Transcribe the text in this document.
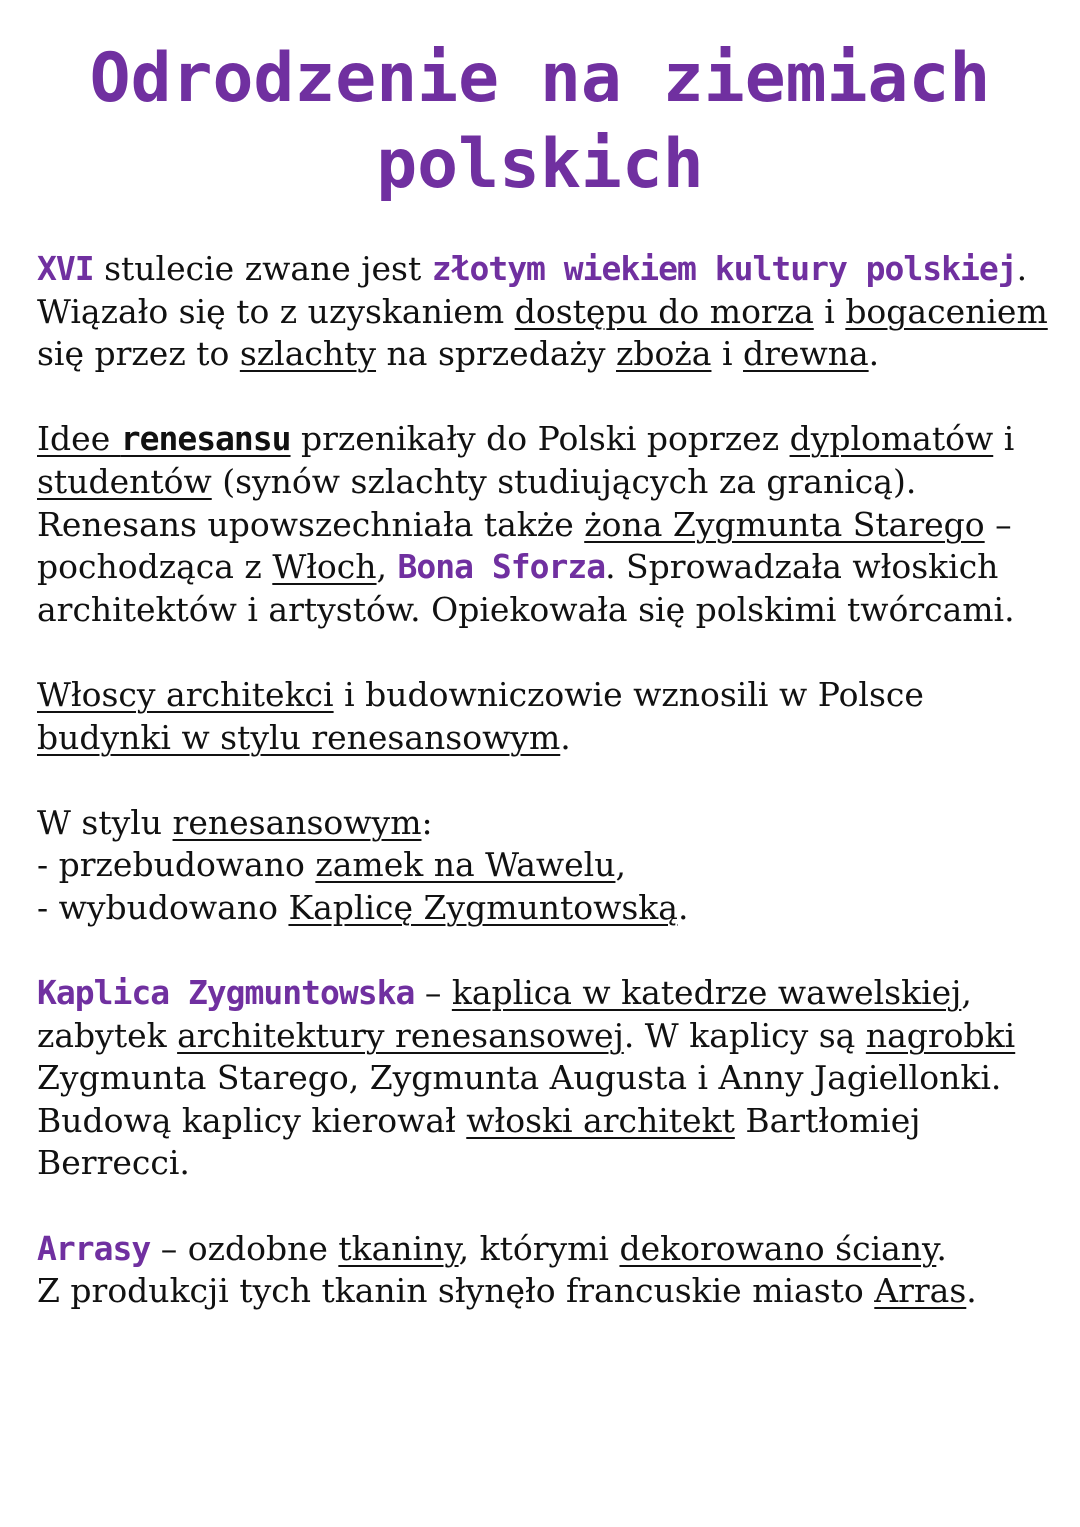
Odrodzenie na ziemiach
polskich

XVI stulecie zwane jest złotym wiekiem kultury polskiej.
Wiązało się to z uzyskaniem dostępu do morza i bogaceniem się przez to szlachty na sprzedaży zboża i drewna.

Idee renesansu przenikały do Polski poprzez dyplomatów i studentów (synów szlachty studiujących za granicą).
Renesans upowszechniała także żona Zygmunta Starego – pochodząca z Włoch, Bona Sforza. Sprowadzała włoskich architektów i artystów. Opiekowała się polskimi twórcami.

Włoscy architekci i budowniczowie wznosili w Polsce budynki w stylu renesansowym.

W stylu renesansowym:
- przebudowano zamek na Wawelu,
- wybudowano Kaplicę Zygmuntowską.

Kaplica Zygmuntowska – kaplica w katedrze wawelskiej, zabytek architektury renesansowej. W kaplicy są nagrobki Zygmunta Starego, Zygmunta Augusta i Anny Jagiellonki. Budową kaplicy kierował włoski architekt Bartłomiej Berrecci.

Arrasy – ozdobne tkaniny, którymi dekorowano ściany.
Z produkcji tych tkanin słynęło francuskie miasto Arras.
